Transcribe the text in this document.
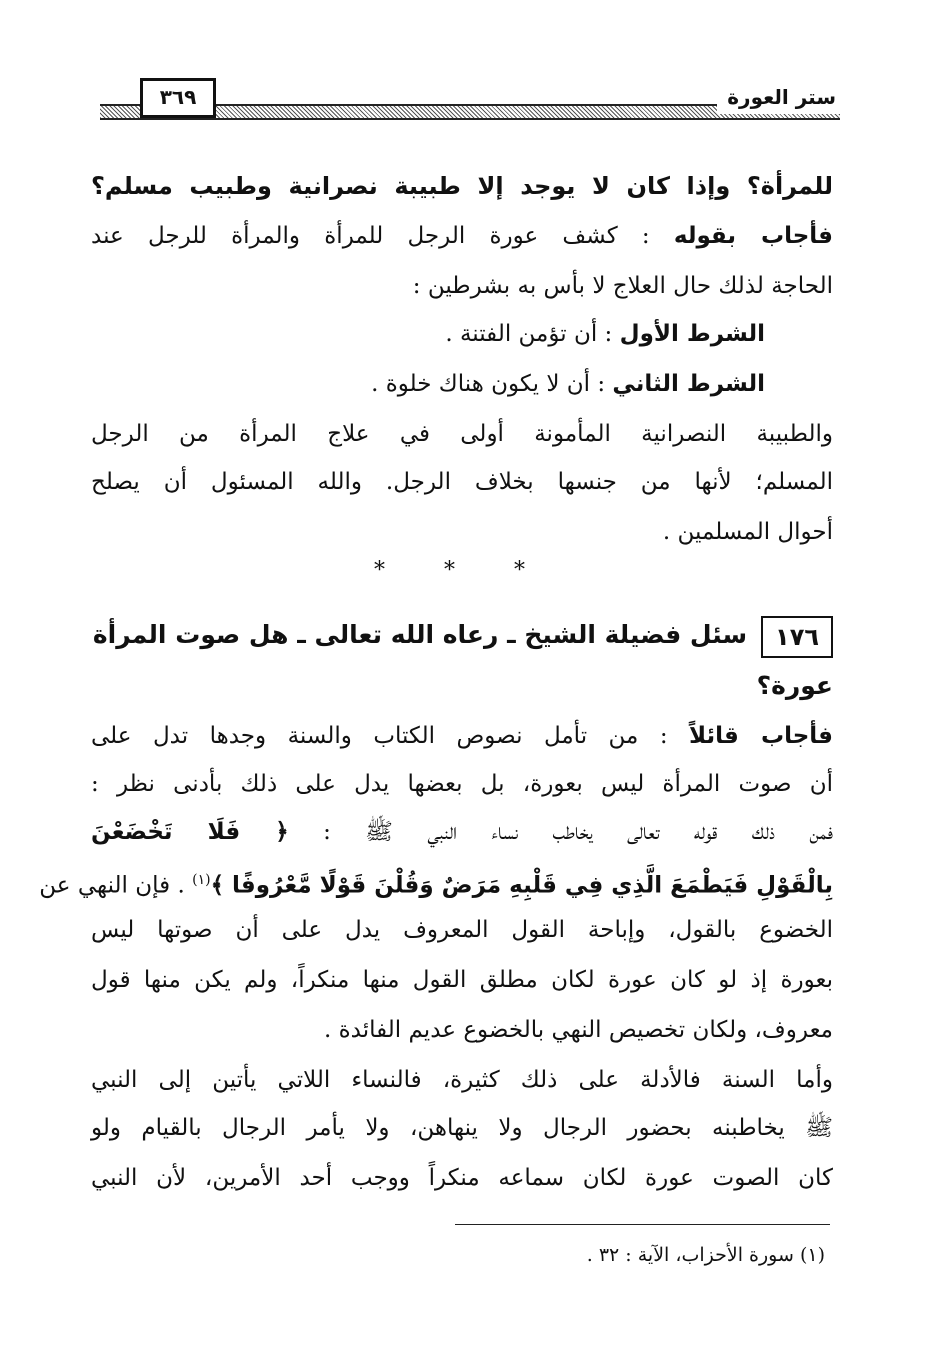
ستر العورة
٣٦٩
للمرأة؟ وإذا كان لا يوجد إلا طبيبة نصرانية وطبيب مسلم؟
فأجاب بقوله : كشف عورة الرجل للمرأة والمرأة للرجل عند
الحاجة لذلك حال العلاج لا بأس به بشرطين :
الشرط الأول : أن تؤمن الفتنة .
الشرط الثاني : أن لا يكون هناك خلوة .
والطبيبة النصرانية المأمونة أولى في علاج المرأة من الرجل
المسلم؛ لأنها من جنسها بخلاف الرجل. والله المسئول أن يصلح
أحوال المسلمين .
* * *
١٧٦سئل فضيلة الشيخ ـ رعاه الله تعالى ـ هل صوت المرأة
عورة؟
فأجاب قائلاً : من تأمل نصوص الكتاب والسنة وجدها تدل على
أن صوت المرأة ليس بعورة، بل بعضها يدل على ذلك بأدنى نظر :
فمن ذلك قوله تعالى يخاطب نساء النبي ﷺ : ﴿ فَلَا تَخْضَعْنَ
بِالْقَوْلِ فَيَطْمَعَ الَّذِي فِي قَلْبِهِ مَرَضٌ وَقُلْنَ قَوْلًا مَّعْرُوفًا ﴾$^{(١)}$ . فإن النهي عن
الخضوع بالقول، وإباحة القول المعروف يدل على أن صوتها ليس
بعورة إذ لو كان عورة لكان مطلق القول منها منكراً، ولم يكن منها قول
معروف، ولكان تخصيص النهي بالخضوع عديم الفائدة .
وأما السنة فالأدلة على ذلك كثيرة، فالنساء اللاتي يأتين إلى النبي
ﷺ يخاطبنه بحضور الرجال ولا ينهاهن، ولا يأمر الرجال بالقيام ولو
كان الصوت عورة لكان سماعه منكراً ووجب أحد الأمرين، لأن النبي
(١) سورة الأحزاب، الآية : ٣٢ .
